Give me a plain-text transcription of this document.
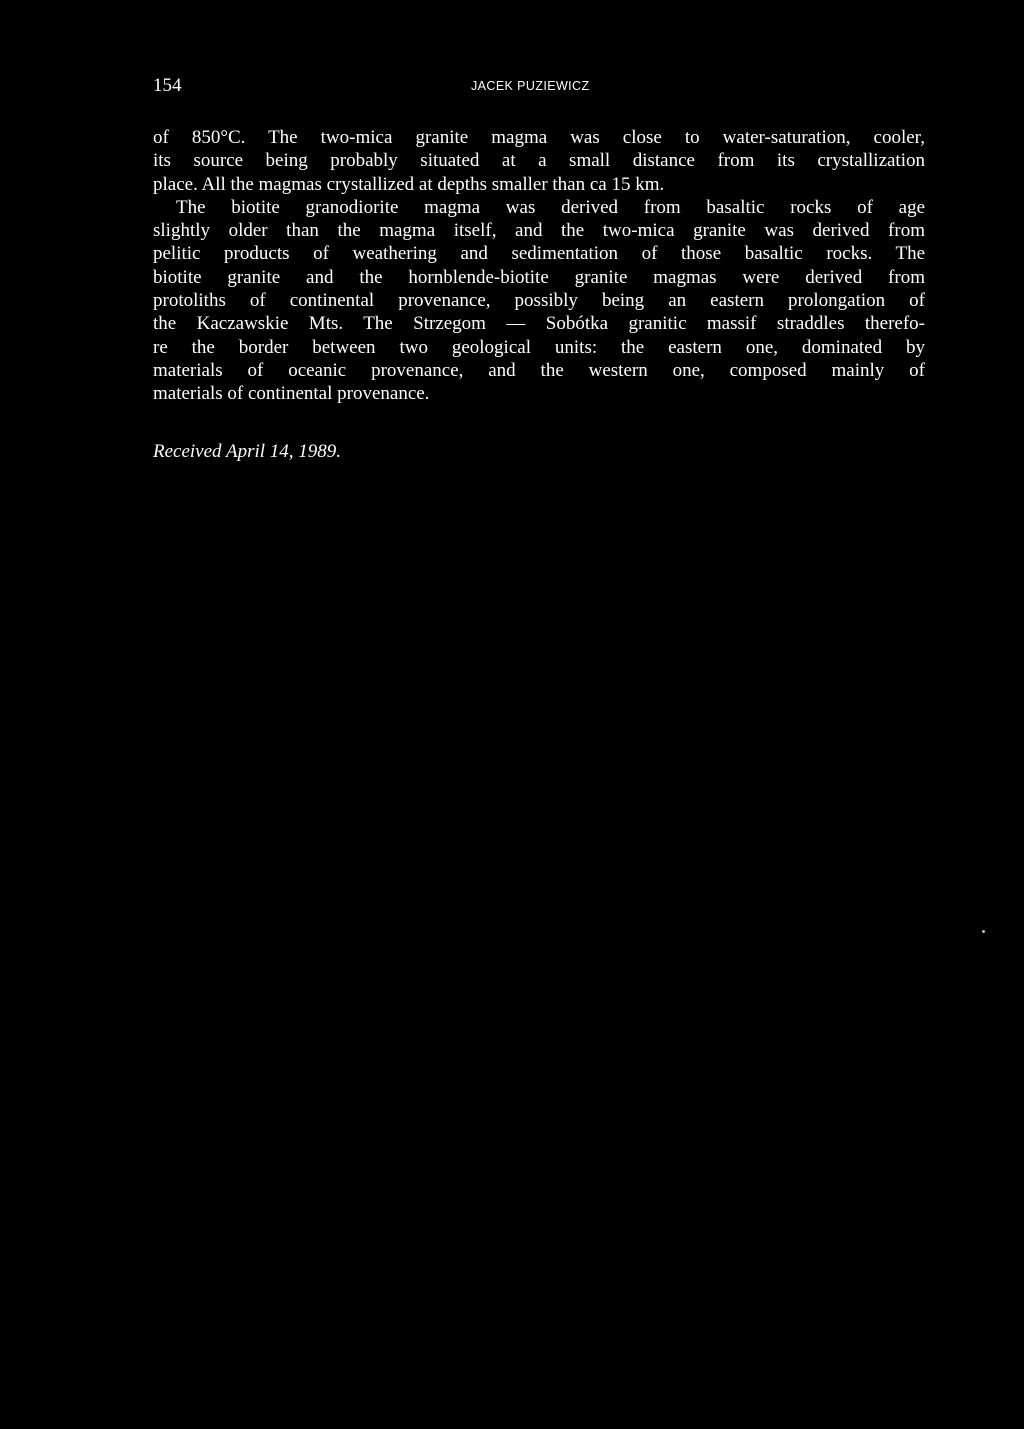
154	JACEK PUZIEWICZ
of 850°C. The two-mica granite magma was close to water-saturation, cooler,
its source being probably situated at a small distance from its crystallization
place. All the magmas crystallized at depths smaller than ca 15 km.
The biotite granodiorite magma was derived from basaltic rocks of age
slightly older than the magma itself, and the two-mica granite was derived from
pelitic products of weathering and sedimentation of those basaltic rocks. The
biotite granite and the hornblende-biotite granite magmas were derived from
protoliths of continental provenance, possibly being an eastern prolongation of
the Kaczawskie Mts. The Strzegom — Sobótka granitic massif straddles therefo-
re the border between two geological units: the eastern one, dominated by
materials of oceanic provenance, and the western one, composed mainly of
materials of continental provenance.
Received April 14, 1989.
